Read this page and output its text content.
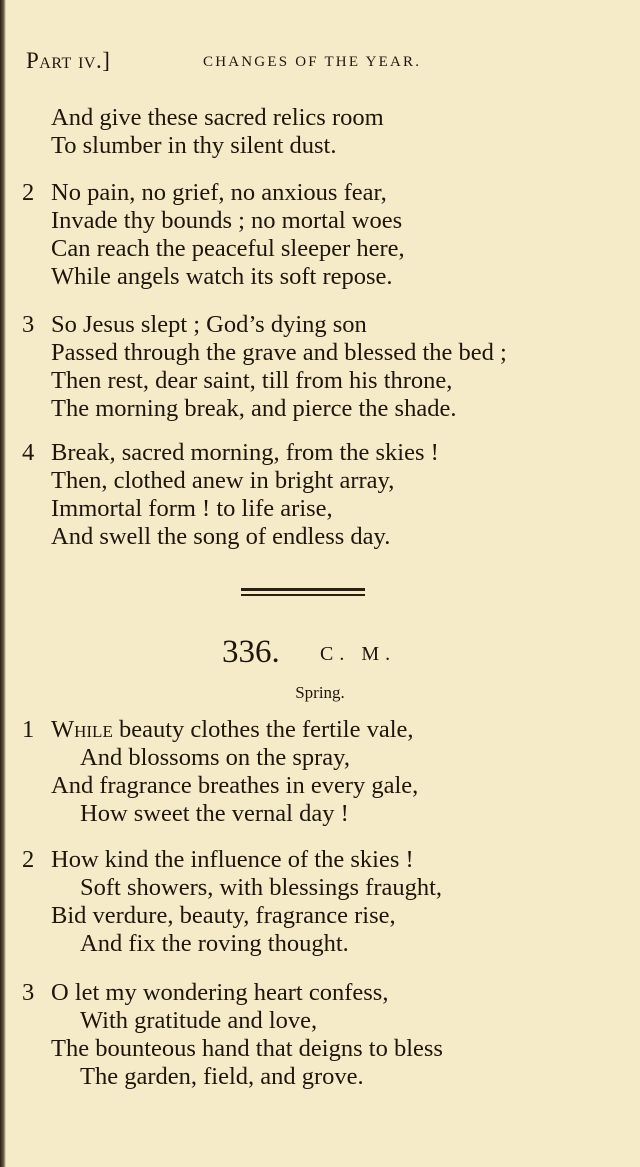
Part iv.]	CHANGES OF THE YEAR.
And give these sacred relics room
To slumber in thy silent dust.
2 No pain, no grief, no anxious fear,
Invade thy bounds ; no mortal woes
Can reach the peaceful sleeper here,
While angels watch its soft repose.
3 So Jesus slept ; God’s dying son
Passed through the grave and blessed the bed ;
Then rest, dear saint, till from his throne,
The morning break, and pierce the shade.
4 Break, sacred morning, from the skies !
Then, clothed anew in bright array,
Immortal form ! to life arise,
And swell the song of endless day.
336. C. M.
Spring.
1 While beauty clothes the fertile vale,
And blossoms on the spray,
And fragrance breathes in every gale,
How sweet the vernal day !
2 How kind the influence of the skies !
Soft showers, with blessings fraught,
Bid verdure, beauty, fragrance rise,
And fix the roving thought.
3 O let my wondering heart confess,
With gratitude and love,
The bounteous hand that deigns to bless
The garden, field, and grove.
